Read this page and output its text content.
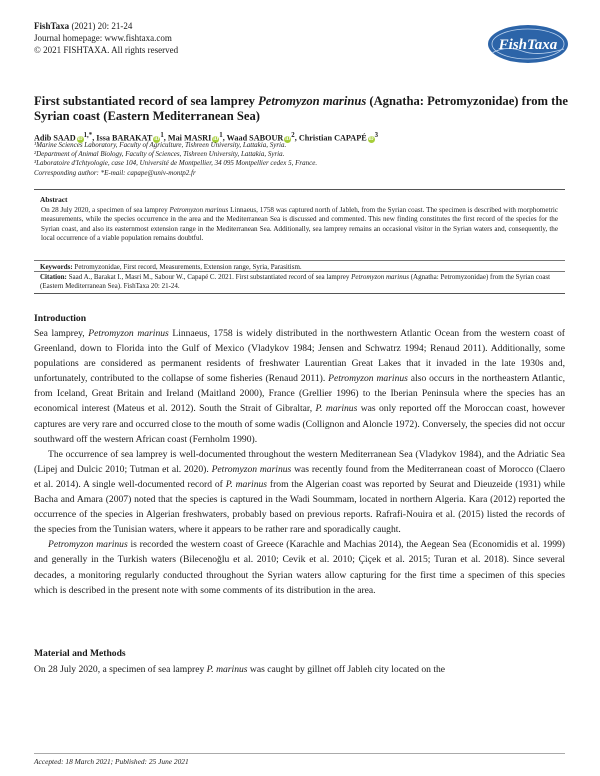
FishTaxa (2021) 20: 21-24
Journal homepage: www.fishtaxa.com
© 2021 FISHTAXA. All rights reserved	FishTaxa
First substantiated record of sea lamprey Petromyzon marinus (Agnatha: Petromyzonidae) from the Syrian coast (Eastern Mediterranean Sea)
Adib SAAD $iD^{1,*}$, Issa BARAKAT $iD^1$, Mai MASRI $iD^1$, Waad SABOUR $iD^2$, Christian CAPAPÉ $iD^3$
¹Marine Sciences Laboratory, Faculty of Agriculture, Tishreen University, Lattakia, Syria.
²Department of Animal Biology, Faculty of Sciences, Tishreen University, Lattakia, Syria.
³Laboratoire d'Ichtyologie, case 104, Université de Montpellier, 34 095 Montpellier cedex 5, France.
Corresponding author: *E-mail: capape@univ-montp2.fr
Abstract
On 28 July 2020, a specimen of sea lamprey Petromyzon marinus Linnaeus, 1758 was captured north of Jableh, from the Syrian coast. The specimen is described with morphometric measurements, while the species occurrence in the area and the Mediterranean Sea is discussed and commented. This new finding constitutes the first record of the species for the Syrian coast, and also its easternmost extension range in the Mediterranean Sea. Additionally, sea lamprey remains an occasional visitor in the Syrian waters and, consequently, the local occurrence of a viable population remains doubtful.
Keywords: Petromyzonidae, First record, Measurements, Extension range, Syria, Parasitism.
Citation: Saad A., Barakat I., Masri M., Sabour W., Capapé C. 2021. First substantiated record of sea lamprey Petromyzon marinus (Agnatha: Petromyzonidae) from the Syrian coast (Eastern Mediterranean Sea). FishTaxa 20: 21-24.
Introduction

Sea lamprey, Petromyzon marinus Linnaeus, 1758 is widely distributed in the northwestern Atlantic Ocean from the western coast of Greenland, down to Florida into the Gulf of Mexico (Vladykov 1984; Jensen and Schwatrz 1994; Renaud 2011). Additionally, some populations are considered as permanent residents of freshwater Laurentian Great Lakes that it invaded in the late 1930s and, unfortunately, contributed to the collapse of some fisheries (Renaud 2011). Petromyzon marinus also occurs in the northeastern Atlantic, from Iceland, Great Britain and Ireland (Maitland 2000), France (Grellier 1996) to the Iberian Peninsula where the species has an economical interest (Mateus et al. 2012). South the Strait of Gibraltar, P. marinus was only reported off the Moroccan coast, however captures are very rare and occurred close to the mouth of some wadis (Collignon and Aloncle 1972). Conversely, the species did not occur southward off the western African coast (Fernholm 1990).

The occurrence of sea lamprey is well-documented throughout the western Mediterranean Sea (Vladykov 1984), and the Adriatic Sea (Lipej and Dulcic 2010; Tutman et al. 2020). Petromyzon marinus was recently found from the Mediterranean coast of Morocco (Claero et al. 2014). A single well-documented record of P. marinus from the Algerian coast was reported by Seurat and Dieuzeide (1931) while Bacha and Amara (2007) noted that the species is captured in the Wadi Soummam, located in northern Algeria. Kara (2012) reported the occurrence of the species in Algerian freshwaters, probably based on previous reports. Rafrafi-Nouira et al. (2015) listed the records of the species from the Tunisian waters, where it appears to be rather rare and sporadically caught.

Petromyzon marinus is recorded the western coast of Greece (Karachle and Machias 2014), the Aegean Sea (Economidis et al. 1999) and generally in the Turkish waters (Bilecenoğlu et al. 2010; Cevik et al. 2010; Çiçek et al. 2015; Turan et al. 2018). Since several decades, a monitoring regularly conducted throughout the Syrian waters allow capturing for the first time a specimen of this species which is described in the present note with some comments of its distribution in the area.

Material and Methods

On 28 July 2020, a specimen of sea lamprey P. marinus was caught by gillnet off Jableh city located on the

Accepted: 18 March 2021; Published: 25 June 2021
